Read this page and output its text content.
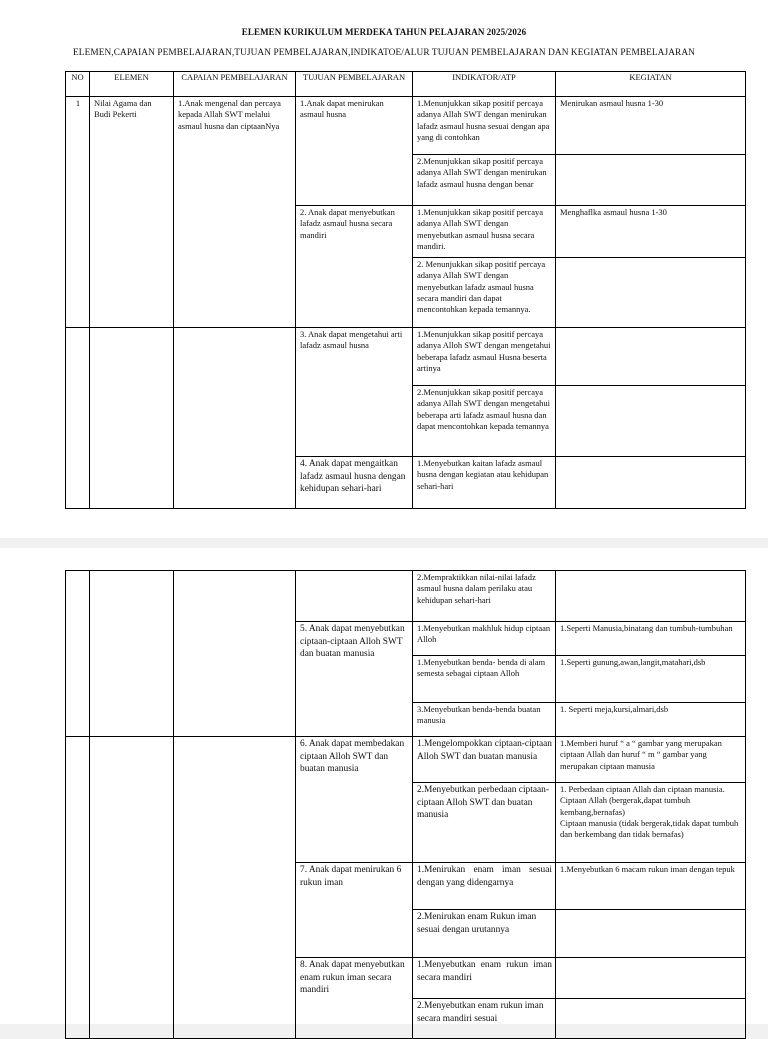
ELEMEN KURIKULUM MERDEKA TAHUN PELAJARAN 2025/2026
ELEMEN,CAPAIAN PEMBELAJARAN,TUJUAN PEMBELAJARAN,INDIKATOE/ALUR TUJUAN PEMBELAJARAN DAN KEGIATAN PEMBELAJARAN
NO	ELEMEN	CAPAIAN PEMBELAJARAN	TUJUAN PEMBELAJARAN	INDIKATOR/ATP	KEGIATAN
1	Nilai Agama dan Budi Pekerti	1.Anak mengenal dan percaya kepada Allah SWT melalui asmaul husna dan ciptaanNya	1.Anak dapat menirukan asmaul husna	1.Menunjukkan sikap positif percaya adanya Allah SWT dengan menirukan lafadz asmaul husna sesuai dengan apa yang di contohkan	Menirukan asmaul husna 1-30
				2.Menunjukkan sikap positif percaya adanya Allah SWT dengan menirukan lafadz asmaul husna dengan benar	
			2. Anak dapat menyebutkan lafadz asmaul husna secara mandiri	1.Menunjukkan sikap positif percaya adanya Allah SWT dengan menyebutkan asmaul husna secara mandiri.	Menghaflka asmaul husna 1-30
				2. Menunjukkan sikap positif percaya adanya Allah SWT dengan menyebutkan lafadz asmaul husna secara mandiri dan dapat mencontohkan kepada temannya.	
			3. Anak dapat mengetahui arti lafadz asmaul husna	1.Menunjukkan sikap positif percaya adanya Alloh SWT dengan mengetahui beberapa lafadz asmaul Husna beserta artinya	
				2.Menunjukkan sikap positif percaya adanya Allah SWT dengan mengetahui beberapa arti lafadz asmaul husna dan dapat mencontohkan kepada temannya	
			4. Anak dapat mengaitkan lafadz asmaul husna dengan kehidupan sehari-hari	1.Menyebutkan kaitan lafadz asmaul husna dengan kegiatan atau kehidupan sehari-hari	
				2.Mempraktikkan nilai-nilai lafadz asmaul husna dalam perilaku atau kehidupan sehari-hari	
			5. Anak dapat menyebutkan ciptaan-ciptaan Alloh SWT dan buatan manusia	1.Menyebutkan makhluk hidup ciptaan Alloh	1.Seperti Manusia,binatang dan tumbuh-tumbuhan
				1.Menyebutkan benda- benda di alam semesta sebagai ciptaan Alloh	1.Seperti gunung,awan,langit,matahari,dsb
				3.Menyebutkan benda-benda buatan manusia	1. Seperti meja,kursi,almari,dsb
			6. Anak dapat membedakan ciptaan Alloh SWT dan buatan manusia	1.Mengelompokkan ciptaan-ciptaan Alloh SWT dan buatan manusia	1.Memberi huruf “ a “ gambar yang merupakan ciptaan Allah dan huruf “ m “ gambar yang merupakan ciptaan manusia
				2.Menyebutkan perbedaan ciptaan-ciptaan Alloh SWT dan buatan manusia	1. Perbedaan ciptaan Allah dan ciptaan manusia.
Ciptaan Allah (bergerak,dapat tumbuh kembang,bernafas)
Ciptaan manusia (tidak bergerak,tidak dapat tumbuh dan berkembang dan tidak bernafas)

			7. Anak dapat menirukan 6 rukun iman	1.Menirukan enam iman sesuai dengan yang didengarnya	1.Menyebutkan 6 macam rukun iman dengan tepuk
				2.Menirukan enam Rukun iman sesuai dengan urutannya	
			8. Anak dapat menyebutkan enam rukun iman secara mandiri	1.Menyebutkan enam rukun iman secara mandiri	
				2.Menyebutkan enam rukun iman secara mandiri sesuai	
